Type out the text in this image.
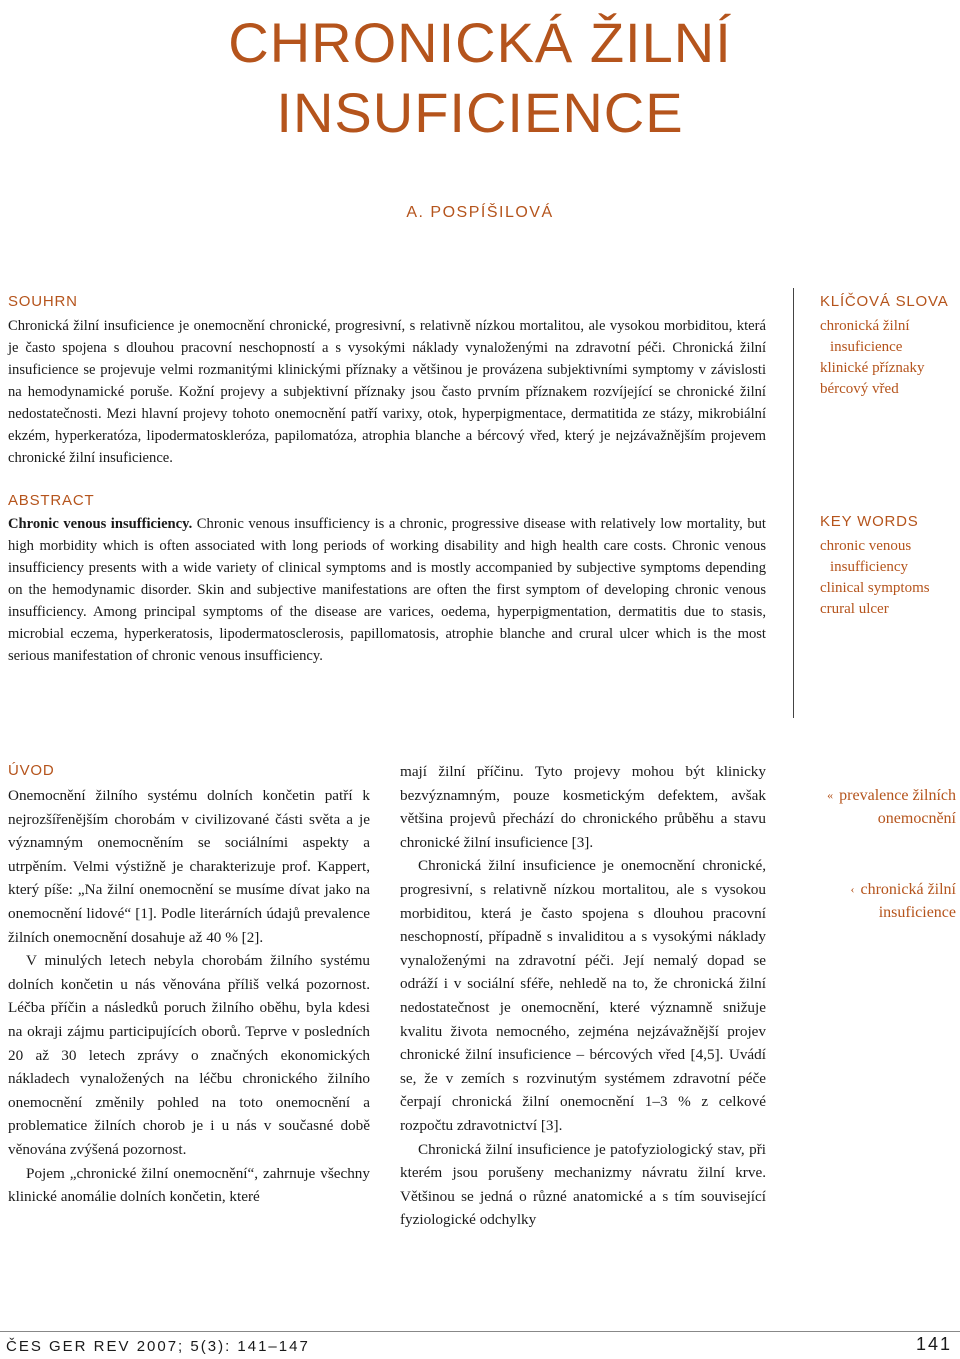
CHRONICKÁ ŽILNÍ
INSUFICIENCE
A. POSPÍŠILOVÁ
SOUHRN

Chronická žilní insuficience je onemocnění chronické, progresivní, s relativně nízkou mortalitou, ale vysokou morbiditou, která je často spojena s dlouhou pracovní neschopností a s vysokými náklady vynaloženými na zdravotní péči. Chronická žilní insuficience se projevuje velmi rozmanitými klinickými příznaky a většinou je provázena subjektivními symptomy v závislosti na hemodynamické poruše. Kožní projevy a subjektivní příznaky jsou často prvním příznakem rozvíjející se chronické žilní nedostatečnosti. Mezi hlavní projevy tohoto onemocnění patří varixy, otok, hyperpigmentace, dermatitida ze stázy, mikrobiální ekzém, hyperkeratóza, lipodermatoskleróza, papilomatóza, atrophia blanche a bércový vřed, který je nejzávažnějším projevem chronické žilní insuficience.

KLÍČOVÁ SLOVA
chronická žilní
insuficience
klinické příznaky
bércový vřed
ABSTRACT

Chronic venous insufficiency. Chronic venous insufficiency is a chronic, progressive disease with relatively low mortality, but high morbidity which is often associated with long periods of working disability and high health care costs. Chronic venous insufficiency presents with a wide variety of clinical symptoms and is mostly accompanied by subjective symptoms depending on the hemodynamic disorder. Skin and subjective manifestations are often the first symptom of developing chronic venous insufficiency. Among principal symptoms of the disease are varices, oedema, hyperpigmentation, dermatitis due to stasis, microbial eczema, hyperkeratosis, lipodermatosclerosis, papillomatosis, atrophie blanche and crural ulcer which is the most serious manifestation of chronic venous insufficiency.

KEY WORDS
chronic venous
insufficiency
clinical symptoms
crural ulcer
ÚVOD

Onemocnění žilního systému dolních končetin patří k nejrozšířenějším chorobám v civilizované části světa a je významným onemocněním se sociálními aspekty a utrpěním. Velmi výstižně je charakterizuje prof. Kappert, který píše: „Na žilní onemocnění se musíme dívat jako na onemocnění lidové“ [1]. Podle literárních údajů prevalence žilních onemocnění dosahuje až 40 % [2].

V minulých letech nebyla chorobám žilního systému dolních končetin u nás věnována příliš velká pozornost. Léčba příčin a následků poruch žilního oběhu, byla kdesi na okraji zájmu participujících oborů. Teprve v posledních 20 až 30 letech zprávy o značných ekonomických nákladech vynaložených na léčbu chronického žilního onemocnění změnily pohled na toto onemocnění a problematice žilních chorob je i u nás v současné době věnována zvýšená pozornost.

Pojem „chronické žilní onemocnění“, zahrnuje všechny klinické anomálie dolních končetin, které

mají žilní příčinu. Tyto projevy mohou být klinicky bezvýznamným, pouze kosmetickým defektem, avšak většina projevů přechází do chronického průběhu a stavu chronické žilní insuficience [3].

Chronická žilní insuficience je onemocnění chronické, progresivní, s relativně nízkou mortalitou, ale s vysokou morbiditou, která je často spojena s dlouhou pracovní neschopností, případně s invaliditou a s vysokými náklady vynaloženými na zdravotní péči. Její nemalý dopad se odráží i v sociální sféře, nehledě na to, že chronická žilní nedostatečnost je onemocnění, které významně snižuje kvalitu života nemocného, zejména nejzávažnější projev chronické žilní insuficience – bércových vřed [4,5]. Uvádí se, že v zemích s rozvinutým systémem zdravotní péče čerpají chronická žilní onemocnění 1–3 % z celkové rozpočtu zdravotnictví [3].

Chronická žilní insuficience je patofyziologický stav, při kterém jsou porušeny mechanizmy návratu žilní krve. Většinou se jedná o různé anatomické a s tím související fyziologické odchylky

« prevalence žilních onemocnění
‹ chronická žilní insuficience
ČES GER REV 2007; 5(3): 141–147	141
